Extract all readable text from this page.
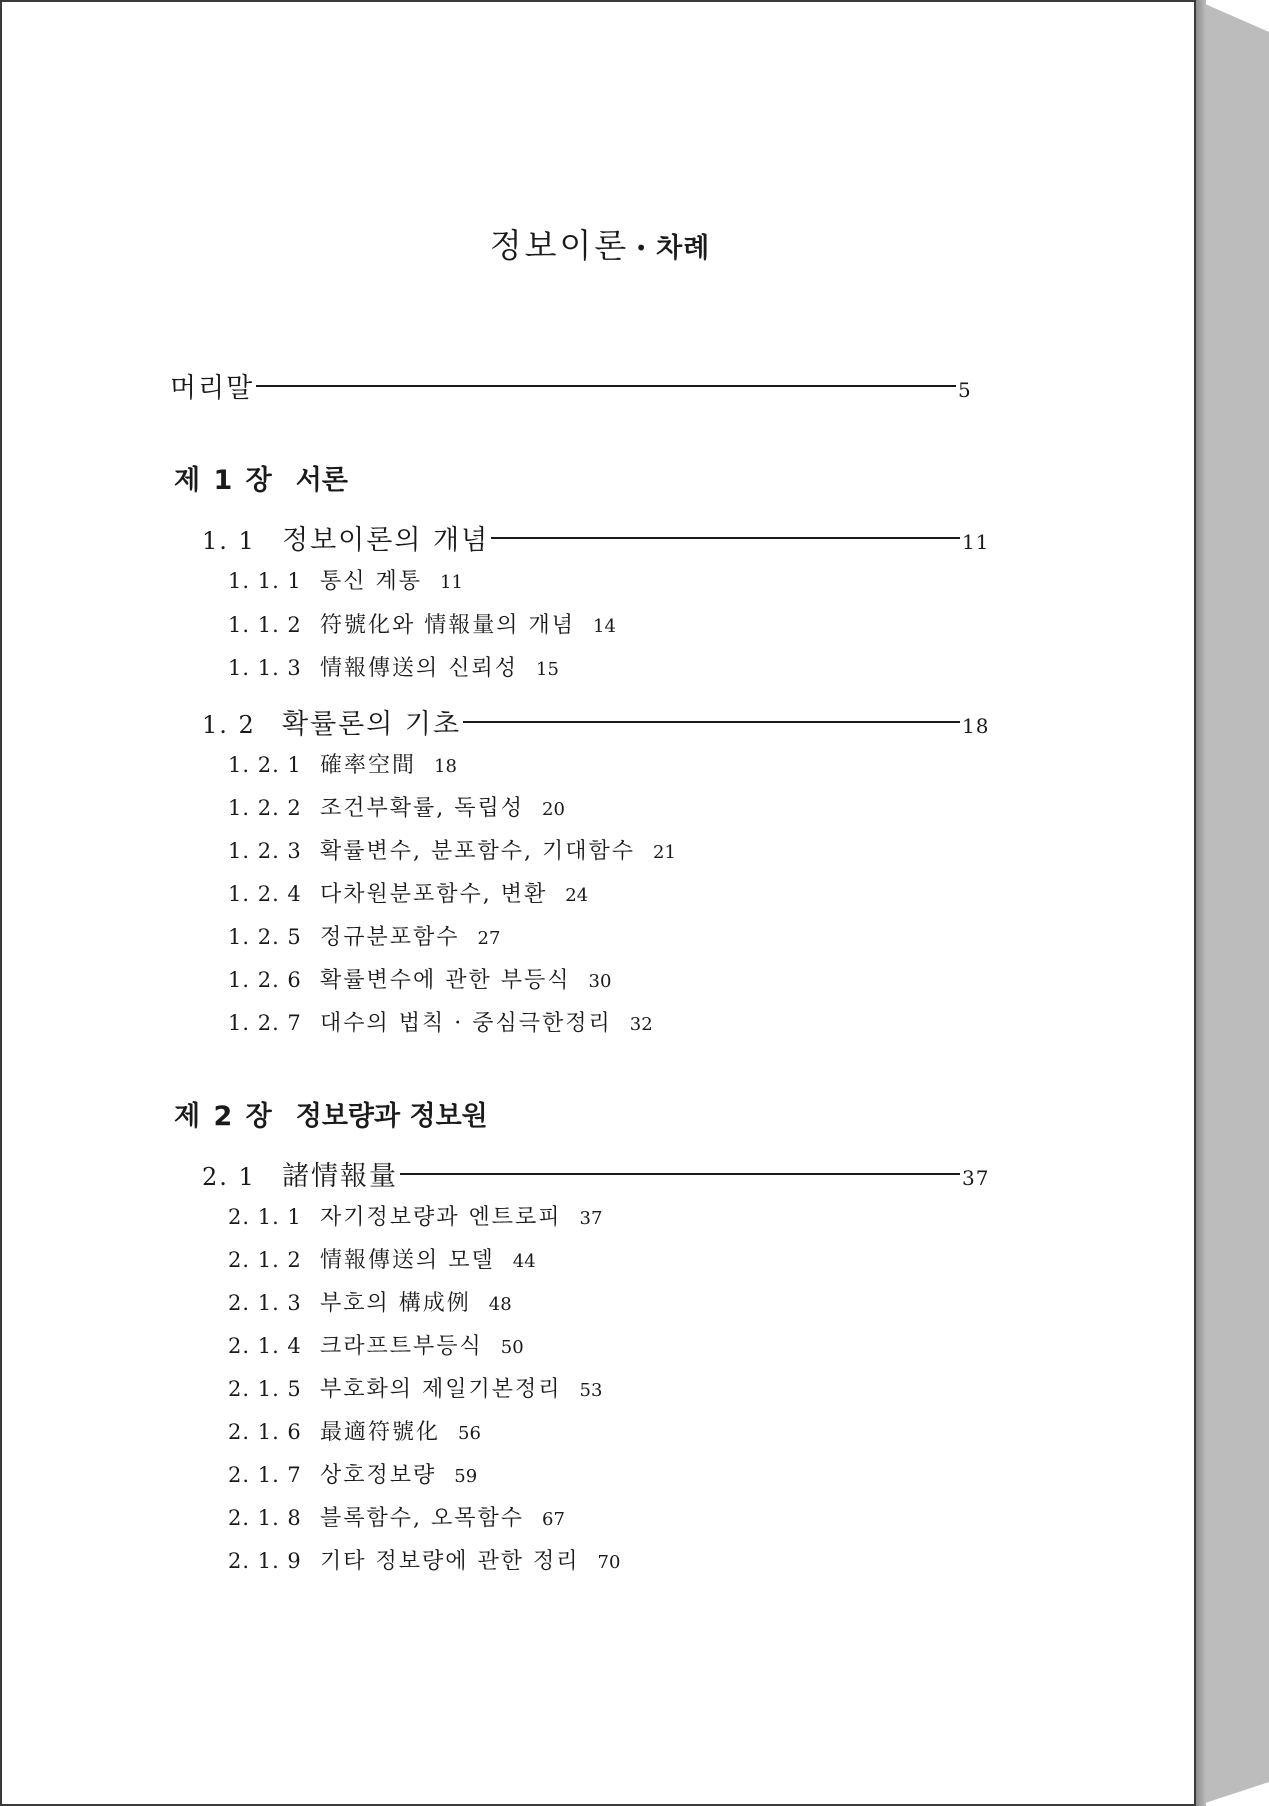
정보이론 • 차례
머리말	5
제 1 장 서론
1. 1 정보이론의 개념	11
1. 1. 1 통신 계통 11
1. 1. 2 符號化와 情報量의 개념 14
1. 1. 3 情報傳送의 신뢰성 15
1. 2 확률론의 기초	18
1. 2. 1 確率空間 18
1. 2. 2 조건부확률, 독립성 20
1. 2. 3 확률변수, 분포함수, 기대함수 21
1. 2. 4 다차원분포함수, 변환 24
1. 2. 5 정규분포함수 27
1. 2. 6 확률변수에 관한 부등식 30
1. 2. 7 대수의 법칙 · 중심극한정리 32
제 2 장 정보량과 정보원
2. 1 諸情報量	37
2. 1. 1 자기정보량과 엔트로피 37
2. 1. 2 情報傳送의 모델 44
2. 1. 3 부호의 構成例 48
2. 1. 4 크라프트부등식 50
2. 1. 5 부호화의 제일기본정리 53
2. 1. 6 最適符號化 56
2. 1. 7 상호정보량 59
2. 1. 8 블록함수, 오목함수 67
2. 1. 9 기타 정보량에 관한 정리 70
